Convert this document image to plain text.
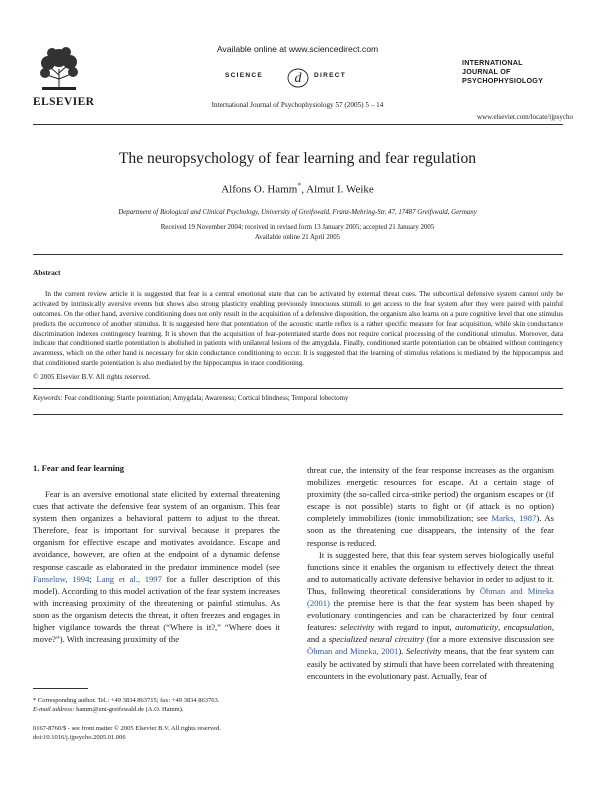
ELSEVIER
Available online at www.sciencedirect.com
SCIENCE d DIRECT
International Journal of Psychophysiology 57 (2005) 5 – 14
INTERNATIONAL
JOURNAL OF
PSYCHOPHYSIOLOGY
www.elsevier.com/locate/ijpsycho
The neuropsychology of fear learning and fear regulation
Alfons O. Hamm*, Almut I. Weike
Department of Biological and Clinical Psychology, University of Greifswald, Franz-Mehring-Str. 47, 17487 Greifswald, Germany
Received 19 November 2004; received in revised form 13 January 2005; accepted 21 January 2005
Available online 21 April 2005
Abstract

In the current review article it is suggested that fear is a central emotional state that can be activated by external threat cues. The subcortical defensive system cannot only be activated by intrinsically aversive events but shows also strong plasticity enabling previously innocuous stimuli to get access to the fear system after they were paired with painful outcomes. On the other hand, aversive conditioning does not only result in the acquisition of a defensive disposition, the organism also learns on a pure cognitive level that one stimulus predicts the occurrence of another stimulus. It is suggested here that potentiation of the acoustic startle reflex is a rather specific measure for fear acquisition, while skin conductance discrimination indexes contingency learning. It is shown that the acquisition of fear-potentiated startle does not require cortical processing of the conditional stimulus. Moreover, data indicate that conditioned startle potentiation is abolished in patients with unilateral lesions of the amygdala. Finally, conditioned startle potentiation can be obtained without contingency awareness, which on the other hand is necessary for skin conductance conditioning to occur. It is suggested that the learning of stimulus relations is mediated by the hippocampus and that conditioned startle potentiation is also mediated by the hippocampus in trace conditioning.

© 2005 Elsevier B.V. All rights reserved.
Keywords: Fear conditioning; Startle potentiation; Amygdala; Awareness; Cortical blindness; Temporal lobectomy
1. Fear and fear learning

Fear is an aversive emotional state elicited by external threatening cues that activate the defensive fear system of an organism. This fear system then organizes a behavioral pattern to adjust to the threat. Therefore, fear is important for survival because it prepares the organism for effective escape and motivates avoidance. Escape and avoidance, however, are often at the endpoint of a dynamic defense response cascade as elaborated in the predator imminence model (see Fanselow, 1994; Lang et al., 1997 for a fuller description of this model). According to this model activation of the fear system increases with increasing proximity of the threatening or painful stimulus. As soon as the organism detects the threat, it often freezes and engages in higher vigilance towards the threat (“Where is it?,” “Where does it move?”). With increasing proximity of the

threat cue, the intensity of the fear response increases as the organism mobilizes energetic resources for escape. At a certain stage of proximity (the so-called circa-strike period) the organism escapes or (if escape is not possible) starts to fight or (if attack is no option) completely immobilizes (tonic immobilization; see Marks, 1987). As soon as the threatening cue disappears, the intensity of the fear response is reduced.

It is suggested here, that this fear system serves biologically useful functions since it enables the organism to effectively detect the threat and to automatically activate defensive behavior in order to adjust to it. Thus, following theoretical considerations by Öhman and Mineka (2001) the premise here is that the fear system has been shaped by evolutionary contingencies and can be characterized by four central features: selectivity with regard to input, automaticity, encapsulation, and a specialized neural circuitry (for a more extensive discussion see Öhman and Mineka, 2001). Selectivity means, that the fear system can easily be activated by stimuli that have been correlated with threatening encounters in the evolutionary past. Actually, fear of

* Corresponding author. Tel.: +49 3834 863715; fax: +49 3834 863763.
E-mail address: hamm@uni-greifswald.de (A.O. Hamm).
0167-8760/$ - see front matter © 2005 Elsevier B.V. All rights reserved.
doi:10.1016/j.ijpsycho.2005.01.006
